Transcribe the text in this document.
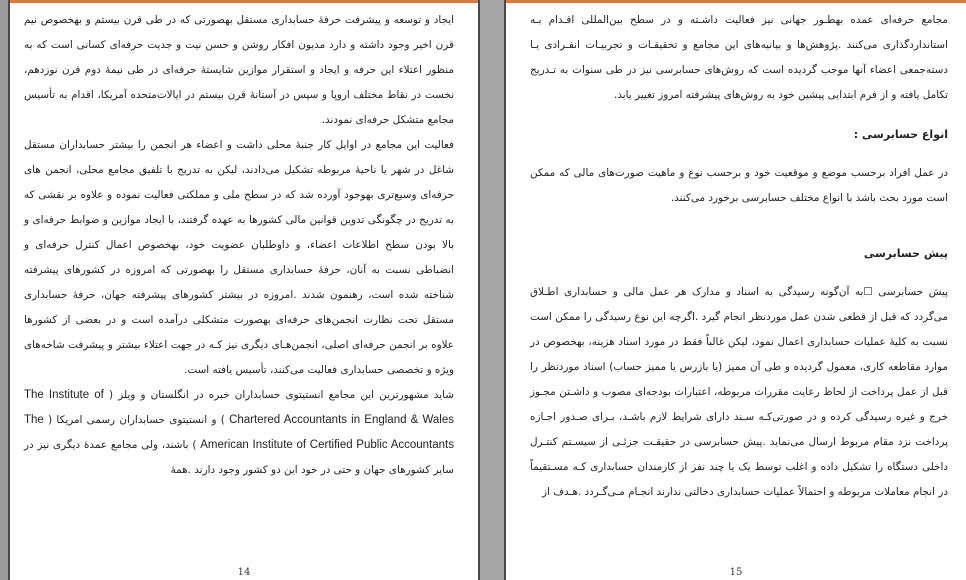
ایجاد و توسعه و پیشرفت حرفهٔ حسابداری مستقل بهصورتی که در طی قرن بیستم و بهخصوص نیم قرن اخیر وجود داشته و دارد مدیون افکار روشن و حسن نیت و جدیت حرفه‌ای کسانی است که به منظور اعتلاء این حرفه و ایجاد و استقرار موازین شایستهٔ حرفه‌ای در طی نیمهٔ دوم قرن نوزدهم، نخست در نقاط مختلف اروپا و سپس در آستانهٔ قرن بیستم در ایالات‌متحده آمریکا، اقدام به تأسیس مجامع متشکل حرفه‌ای نمودند.

فعالیت این مجامع در اوایل کار جنبهٔ محلی داشت و اعضاء هر انجمن را بیشتر حسابداران مستقل شاغل در شهر یا ناحیهٔ مربوطه تشکیل می‌دادند، لیکن به تدریج با تلفیق مجامع محلی، انجمن های حرفه‌ای وسیع‌تری بهوجود آورده شد که در سطح ملی و مملکتی فعالیت نموده و علاوه بر نقشی که به تدریج در چگونگی تدوین قوانین مالی کشورها به عهده گرفتند، با ایجاد موازین و ضوابط حرفه‌ای و بالا بودن سطح اطلاعات اعضاء، و داوطلبان عضویت خود، بهخصوص اعمال کنترل حرفه‌ای و انضباطی نسبت به آنان، حرفهٔ حسابداری مستقل را بهصورتی که امروزه در کشورهای پیشرفته شناخته شده است، رهنمون شدند .امروزه در بیشتر کشورهای پیشرفته جهان، حرفهٔ حسابداری مستقل تحت نظارت انجمن‌های حرفه‌ای بهصورت متشکلی درآمده است و در بعضی از کشورها علاوه بر انجمن حرفه‌ای اصلی، انجمن‌هـای دیگری نیز کـه در جهت اعتلاء بیشتر و پیشرفت شاخه‌های ویژه و تخصصی حسابداری فعالیت می‌کنند، تأسیس یافته است.

شاید مشهورترین این مجامع انستیتوی حسابداران خبره در انگلستان و ویلز ( The Institute of Chartered Accountants in England & Wales ) و انستیتوی حسابداران رسمی امریکا ( The American Institute of Certified Public Accountants ) باشند، ولی مجامع عمدهٔ دیگری نیز در سایر کشورهای جهان و حتی در خود این دو کشور وجود دارند .همهٔ

14

مجامع حرفه‌ای عمده بهطـور جهانی نیز فعالیت داشـته و در سطح بین‌المللی اقـدام بـه استانداردگذاری می‌کنند .پژوهش‌ها و بیانیه‌های این مجامع و تحقیقـات و تجربیـات انفـرادی یـا دسته‌جمعی اعضاء آنها موجب گردیده است که روش‌های حسابرسی نیز در طی سنوات به تـدریج تکامل یافته و از فرم ابتدایی پیشین خود به روش‌های پیشرفته امروز تغییر یابد.

انواع حسابرسی :

در عمل افراد برحسب موضع و موقعیت خود و برحسب نوع و ماهیت صورت‌های مالی که ممکن است مورد بحث باشد با انواع مختلف حسابرسی برخورد می‌کنند.

پیش حسابرسی

پیش حسابرسی ☐به آن‌گونه رسیدگی به اسناد و مدارک هر عمل مالی و حسابداری اطـلاق می‌گردد که قبل از قطعی شدن عمل موردنظر انجام گیرد .اگرچه این نوع رسیدگی را ممکن است نسبت به کلیهٔ عملیات حسابداری اعمال نمود، لیکن غالباً فقط در مورد اسناد هزینه، بهخصوص در موارد مقاطعه کاری، معمول گردیده و طی آن ممیز (یا بازرس یا ممیز حساب) اسناد موردنظر را قبل از عمل پرداخت از لحاظ رعایت مقررات مربوطه، اعتبارات بودجه‌ای مصوب و داشـتن مجـوز خرج و غیره رسیدگی کرده و در صورتی‌کـه سـند دارای شرایط لازم باشـد، بـرای صـدور اجـازه پرداخت نزد مقام مربوط ارسال می‌نماید .پیش حسابرسی در حقیقـت جزئـی از سیسـتم کنتـرل داخلی دستگاه را تشکیل داده و اغلب توسط یک یا چند نفر از کارمندان حسابداری کـه مسـتقیماً در انجام معاملات مربوطه و احتمالاً عملیات حسابداری دخالتی ندارند انجـام مـی‌گـردد .هـدف از

15
